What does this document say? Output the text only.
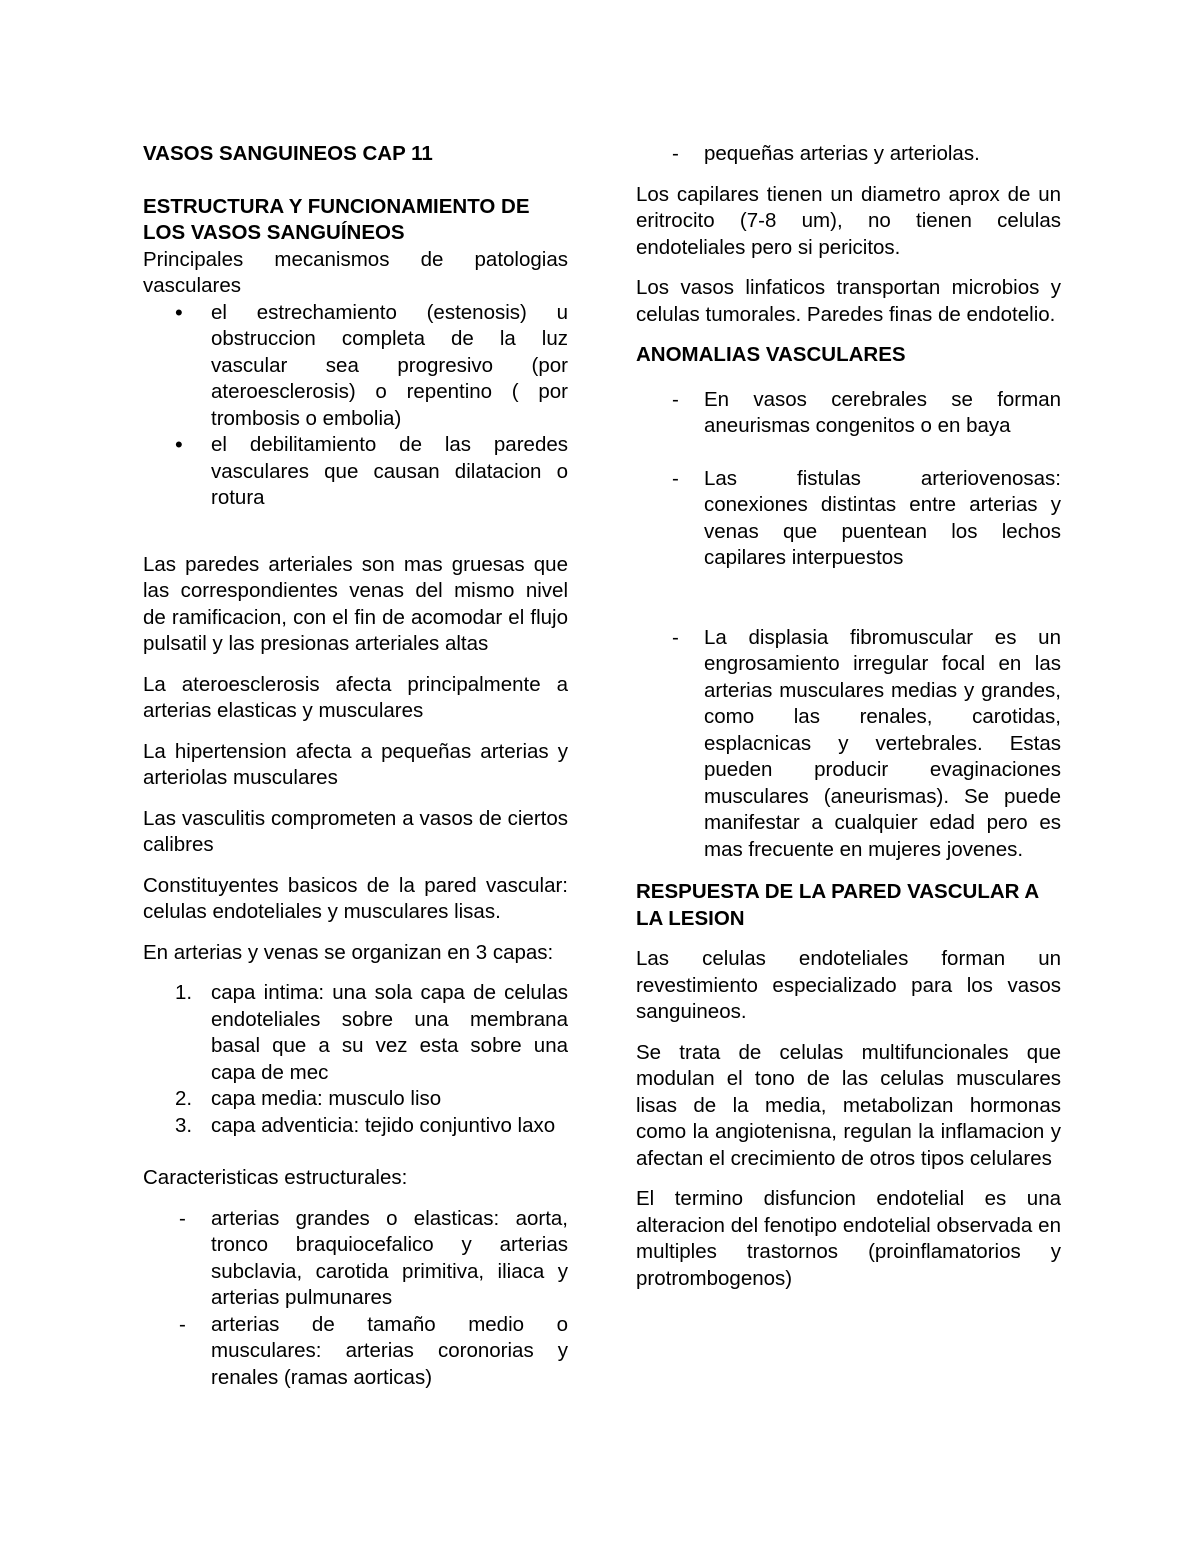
VASOS SANGUINEOS CAP 11
ESTRUCTURA Y FUNCIONAMIENTO DE LOS VASOS SANGUÍNEOS

Principales mecanismos de patologias vasculares

• el estrechamiento (estenosis) u obstruccion completa de la luz vascular sea progresivo (por ateroesclerosis) o repentino ( por trombosis o embolia)
• el debilitamiento de las paredes vasculares que causan dilatacion o rotura

Las paredes arteriales son mas gruesas que las correspondientes venas del mismo nivel de ramificacion, con el fin de acomodar el flujo pulsatil y las presionas arteriales altas

La ateroesclerosis afecta principalmente a arterias elasticas y musculares

La hipertension afecta a pequeñas arterias y arteriolas musculares

Las vasculitis comprometen a vasos de ciertos calibres

Constituyentes basicos de la pared vascular: celulas endoteliales y musculares lisas.

En arterias y venas se organizan en 3 capas:

1. capa intima: una sola capa de celulas endoteliales sobre una membrana basal que a su vez esta sobre una capa de mec
2. capa media: musculo liso
3. capa adventicia: tejido conjuntivo laxo

Caracteristicas estructurales:

- arterias grandes o elasticas: aorta, tronco braquiocefalico y arterias subclavia, carotida primitiva, iliaca y arterias pulmunares
- arterias de tamaño medio o musculares: arterias coronorias y renales (ramas aorticas)
- pequeñas arterias y arteriolas.

Los capilares tienen un diametro aprox de un eritrocito (7-8 um), no tienen celulas endoteliales pero si pericitos.

Los vasos linfaticos transportan microbios y celulas tumorales. Paredes finas de endotelio.

ANOMALIAS VASCULARES
- En vasos cerebrales se forman aneurismas congenitos o en baya
- Las fistulas arteriovenosas: conexiones distintas entre arterias y venas que puentean los lechos capilares interpuestos
- La displasia fibromuscular es un engrosamiento irregular focal en las arterias musculares medias y grandes, como las renales, carotidas, esplacnicas y vertebrales. Estas pueden producir evaginaciones musculares (aneurismas). Se puede manifestar a cualquier edad pero es mas frecuente en mujeres jovenes.
RESPUESTA DE LA PARED VASCULAR A LA LESION

Las celulas endoteliales forman un revestimiento especializado para los vasos sanguineos.

Se trata de celulas multifuncionales que modulan el tono de las celulas musculares lisas de la media, metabolizan hormonas como la angiotenisna, regulan la inflamacion y afectan el crecimiento de otros tipos celulares

El termino disfuncion endotelial es una alteracion del fenotipo endotelial observada en multiples trastornos (proinflamatorios y protrombogenos)
